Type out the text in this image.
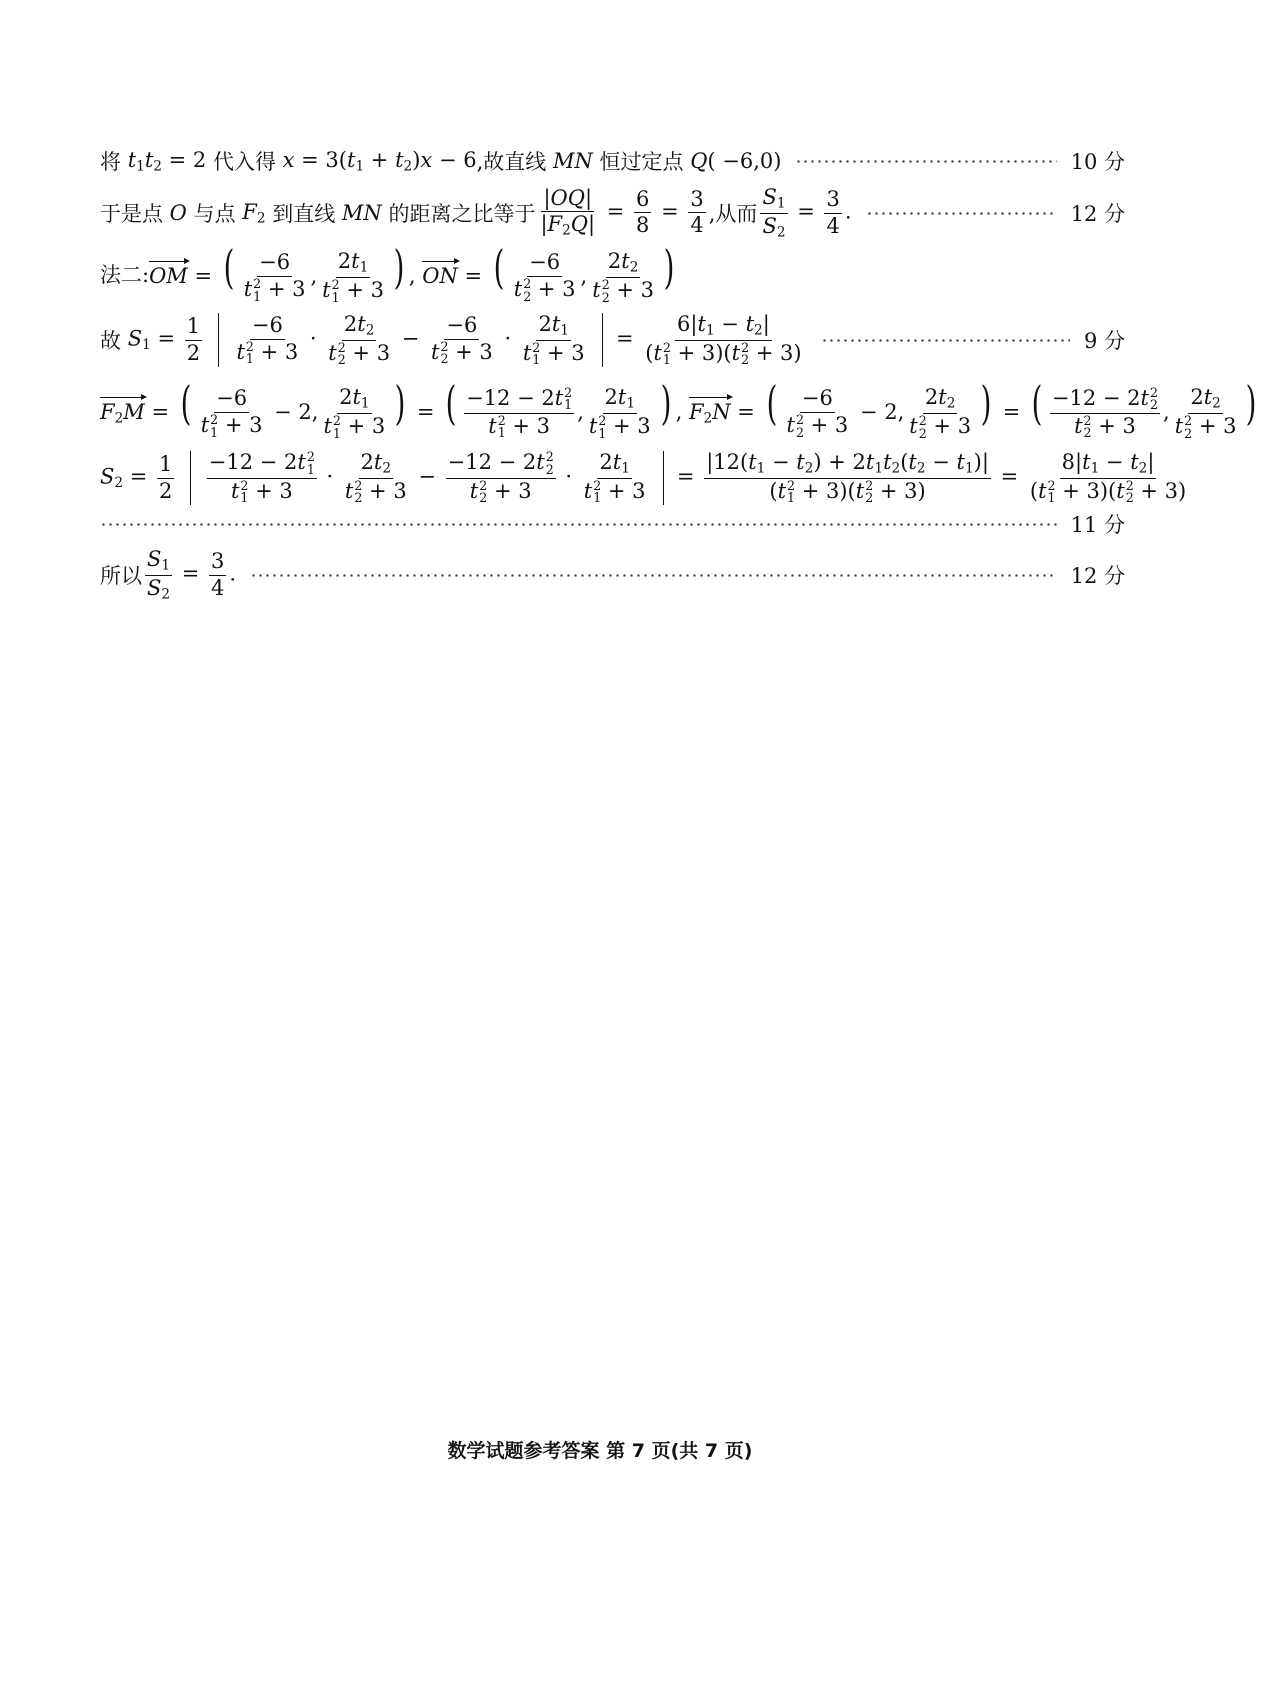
将 $t_1t_2 = 2$ 代入得 $x = 3(t_1 + t_2)x - 6$ ,故直线 MN 恒过定点 Q( −6,0)	10 分
于是点 O 与点 $F_2$ 到直线 MN 的距离之比等于 $\frac{|OQ|}{|F_2Q|} = \frac{6}{8} = \frac{3}{4}$ ,从而 $\frac{S_1}{S_2} = \frac{3}{4}$ .	12 分
法二: OM = ( −6
t 2
1 + 3 , $2t_1$
t 2
1 + 3 ) , ON = ( −6
t 2
2 + 3 , $2t_2$
t 2
2 + 3 )
故 $S_1 = \frac{1}{2}$
−6
t 2
$1 + 3 \cdot 2t_2$
t 2
2 + 3 − −6
t 2
$2 + 3 \cdot 2t_1$
t 2
$1 + 3 = 6|t_1 - t_2|$
(t 2
1 + 3)(t 2
2 + 3)	9 分
$F_2M$ = ( −6
t 2
1 + 3 − 2, $2t_1$
t 2
1 + 3 ) = ( −12 − 2t 2
1
t 2
1 + 3 , $2t_1$
t 2
1 + 3 ) , $F_2N$ = ( −6
t 2
2 + 3 − 2, $2t_2$
t 2
2 + 3 ) = ( −12 − 2t 2
2
t 2
2 + 3 , $2t_2$
t 2
2 + 3 )
$S_2 = \frac{1}{2}$
−12 − 2t 2
1
t 2
$1 + 3 \cdot 2t_2$
t 2
2 + 3 − −12 − 2t 2
2
t 2
$2 + 3 \cdot 2t_1$
t 2
$1 + 3 = |12(t_1 - t_2) + 2t_1t_2(t_2 - t_1)|$
(t 2
1 + 3)(t 2
$2 + 3) = 8|t_1 - t_2|$
(t 2
1 + 3)(t 2
2 + 3)
11 分
所以 $\frac{S_1}{S_2} = \frac{3}{4}$ .	12 分
数学试题参考答案 第 7 页(共 7 页)
